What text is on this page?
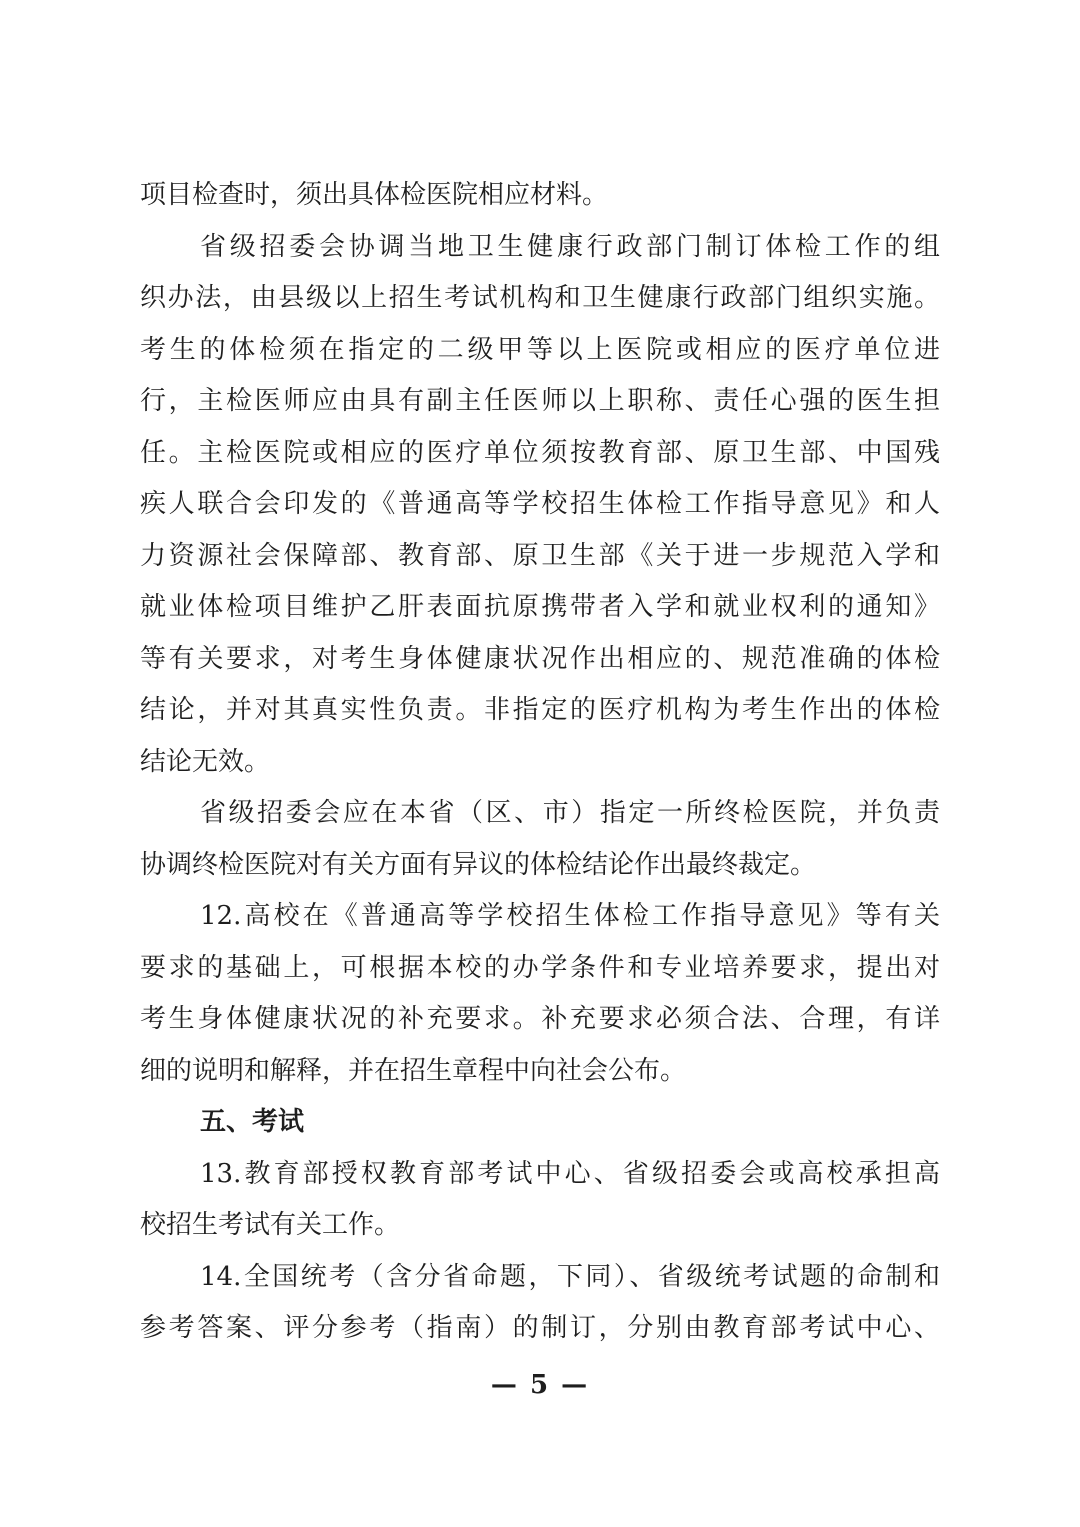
项目检查时，须出具体检医院相应材料。
省级招委会协调当地卫生健康行政部门制订体检工作的组
织办法，由县级以上招生考试机构和卫生健康行政部门组织实施。
考生的体检须在指定的二级甲等以上医院或相应的医疗单位进
行，主检医师应由具有副主任医师以上职称、责任心强的医生担
任。主检医院或相应的医疗单位须按教育部、原卫生部、中国残
疾人联合会印发的《普通高等学校招生体检工作指导意见》和人
力资源社会保障部、教育部、原卫生部《关于进一步规范入学和
就业体检项目维护乙肝表面抗原携带者入学和就业权利的通知》
等有关要求，对考生身体健康状况作出相应的、规范准确的体检
结论，并对其真实性负责。非指定的医疗机构为考生作出的体检
结论无效。
省级招委会应在本省（区、市）指定一所终检医院，并负责
协调终检医院对有关方面有异议的体检结论作出最终裁定。
12.高校在《普通高等学校招生体检工作指导意见》等有关
要求的基础上，可根据本校的办学条件和专业培养要求，提出对
考生身体健康状况的补充要求。补充要求必须合法、合理，有详
细的说明和解释，并在招生章程中向社会公布。
五、考试
13.教育部授权教育部考试中心、省级招委会或高校承担高
校招生考试有关工作。
14.全国统考（含分省命题，下同）、省级统考试题的命制和
参考答案、评分参考（指南）的制订，分别由教育部考试中心、
— 5 —
